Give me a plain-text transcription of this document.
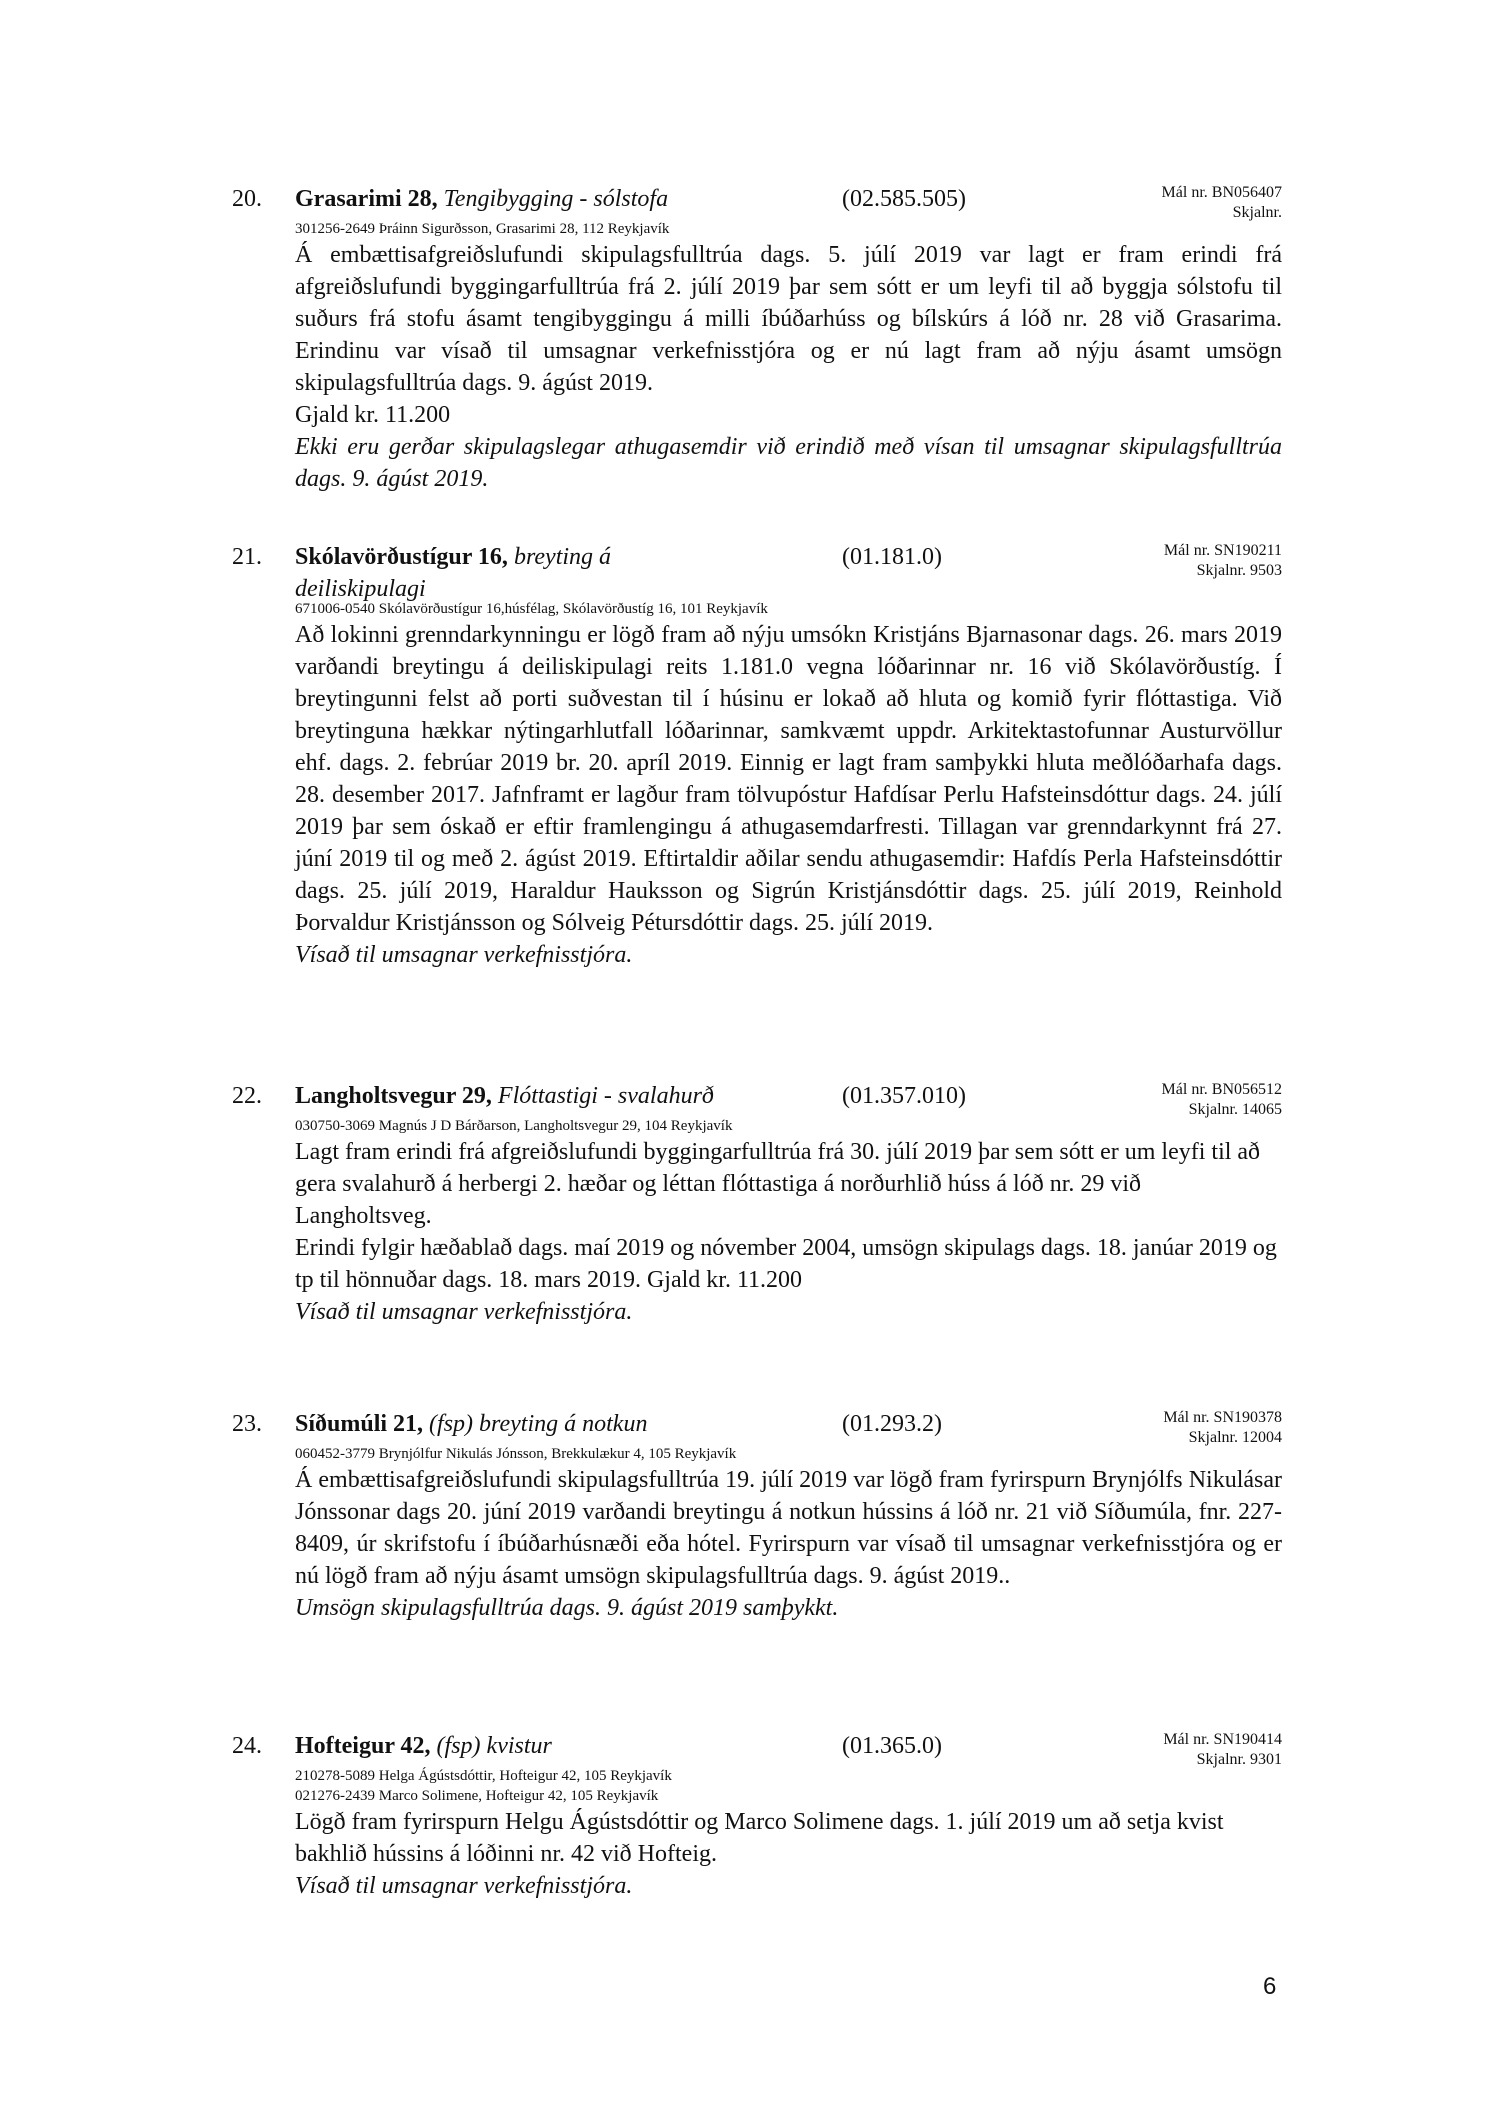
20. Grasarimi 28, Tengibygging - sólstofa	(02.585.505)	Mál nr. BN056407
Skjalnr.

301256-2649 Þráinn Sigurðsson, Grasarimi 28, 112 Reykjavík

Á embættisafgreiðslufundi skipulagsfulltrúa dags. 5. júlí 2019 var lagt er fram erindi frá afgreiðslufundi byggingarfulltrúa frá 2. júlí 2019 þar sem sótt er um leyfi til að byggja sólstofu til suðurs frá stofu ásamt tengibyggingu á milli íbúðarhúss og bílskúrs á lóð nr. 28 við Grasarima. Erindinu var vísað til umsagnar verkefnisstjóra og er nú lagt fram að nýju ásamt umsögn skipulagsfulltrúa dags. 9. ágúst 2019.

Gjald kr. 11.200

Ekki eru gerðar skipulagslegar athugasemdir við erindið með vísan til umsagnar skipulagsfulltrúa dags. 9. ágúst 2019.

21. Skólavörðustígur 16, breyting á deiliskipulagi
(01.181.0)	Mál nr. SN190211
Skjalnr. 9503

671006-0540 Skólavörðustígur 16,húsfélag, Skólavörðustíg 16, 101 Reykjavík

Að lokinni grenndarkynningu er lögð fram að nýju umsókn Kristjáns Bjarnasonar dags. 26. mars 2019 varðandi breytingu á deiliskipulagi reits 1.181.0 vegna lóðarinnar nr. 16 við Skólavörðustíg. Í breytingunni felst að porti suðvestan til í húsinu er lokað að hluta og komið fyrir flóttastiga. Við breytinguna hækkar nýtingarhlutfall lóðarinnar, samkvæmt uppdr. Arkitektastofunnar Austurvöllur ehf. dags. 2. febrúar 2019 br. 20. apríl 2019. Einnig er lagt fram samþykki hluta meðlóðarhafa dags. 28. desember 2017. Jafnframt er lagður fram tölvupóstur Hafdísar Perlu Hafsteinsdóttur dags. 24. júlí 2019 þar sem óskað er eftir framlengingu á athugasemdarfresti. Tillagan var grenndarkynnt frá 27. júní 2019 til og með 2. ágúst 2019. Eftirtaldir aðilar sendu athugasemdir: Hafdís Perla Hafsteinsdóttir dags. 25. júlí 2019, Haraldur Hauksson og Sigrún Kristjánsdóttir dags. 25. júlí 2019, Reinhold Þorvaldur Kristjánsson og Sólveig Pétursdóttir dags. 25. júlí 2019.

Vísað til umsagnar verkefnisstjóra.

22. Langholtsvegur 29, Flóttastigi - svalahurð	(01.357.010)	Mál nr. BN056512
Skjalnr. 14065

030750-3069 Magnús J D Bárðarson, Langholtsvegur 29, 104 Reykjavík

Lagt fram erindi frá afgreiðslufundi byggingarfulltrúa frá 30. júlí 2019 þar sem sótt er um leyfi til að gera svalahurð á herbergi 2. hæðar og léttan flóttastiga á norðurhlið húss á lóð nr. 29 við Langholtsveg.

Erindi fylgir hæðablað dags. maí 2019 og nóvember 2004, umsögn skipulags dags. 18. janúar 2019 og tp til hönnuðar dags. 18. mars 2019. Gjald kr. 11.200

Vísað til umsagnar verkefnisstjóra.

23. Síðumúli 21, (fsp) breyting á notkun	(01.293.2)	Mál nr. SN190378
Skjalnr. 12004

060452-3779 Brynjólfur Nikulás Jónsson, Brekkulækur 4, 105 Reykjavík

Á embættisafgreiðslufundi skipulagsfulltrúa 19. júlí 2019 var lögð fram fyrirspurn Brynjólfs Nikulásar Jónssonar dags 20. júní 2019 varðandi breytingu á notkun hússins á lóð nr. 21 við Síðumúla, fnr. 227-8409, úr skrifstofu í íbúðarhúsnæði eða hótel. Fyrirspurn var vísað til umsagnar verkefnisstjóra og er nú lögð fram að nýju ásamt umsögn skipulagsfulltrúa dags. 9. ágúst 2019..

Umsögn skipulagsfulltrúa dags. 9. ágúst 2019 samþykkt.

24. Hofteigur 42, (fsp) kvistur	(01.365.0)	Mál nr. SN190414
Skjalnr. 9301

210278-5089 Helga Ágústsdóttir, Hofteigur 42, 105 Reykjavík

021276-2439 Marco Solimene, Hofteigur 42, 105 Reykjavík

Lögð fram fyrirspurn Helgu Ágústsdóttir og Marco Solimene dags. 1. júlí 2019 um að setja kvist bakhlið hússins á lóðinni nr. 42 við Hofteig.

Vísað til umsagnar verkefnisstjóra.

6
